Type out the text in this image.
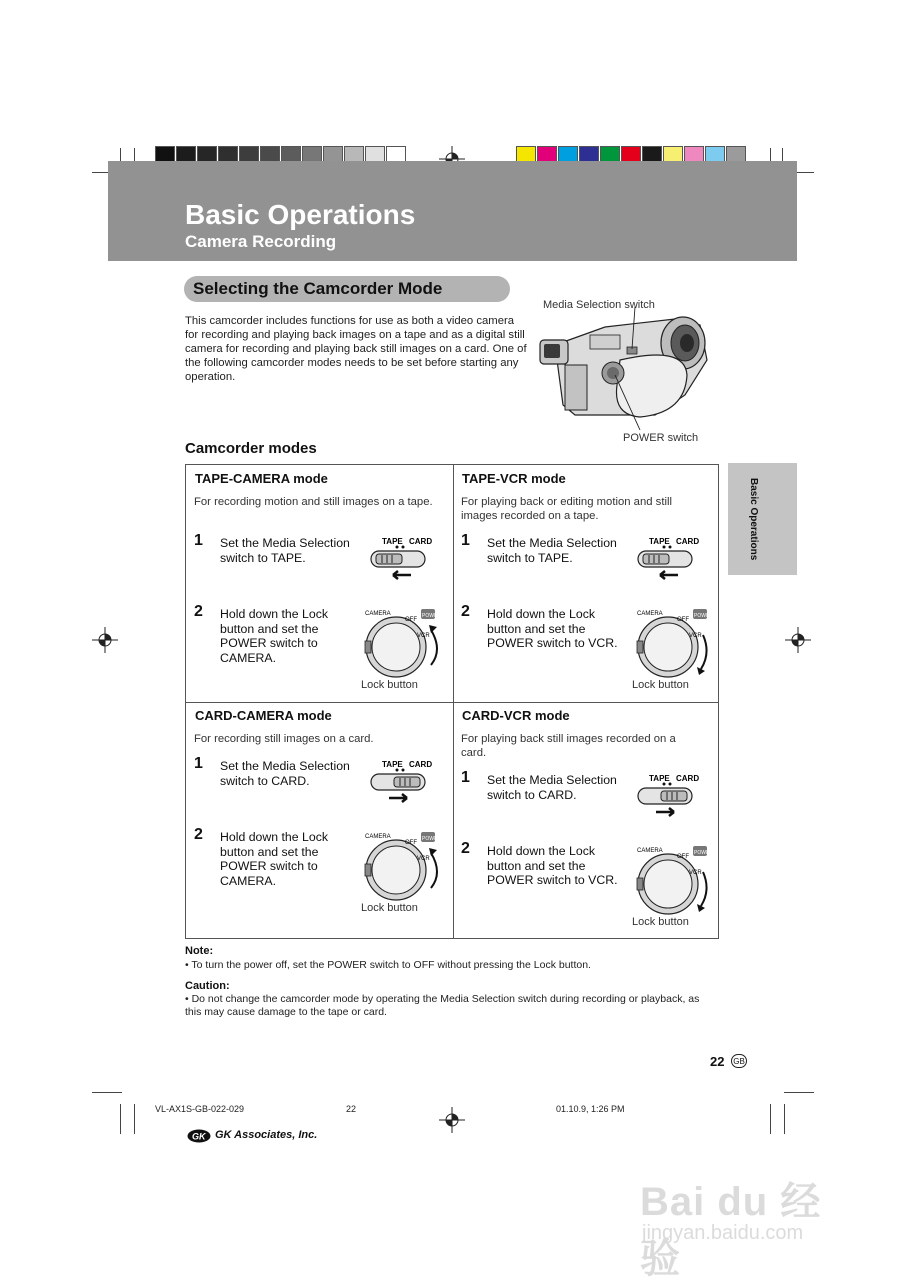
Basic Operations
Camera Recording
Selecting the Camcorder Mode
This camcorder includes functions for use as both a video camera for recording and playing back images on a tape and as a digital still camera for recording and playing back still images on a card. One of the following camcorder modes needs to be set before starting any operation.
Media Selection switch
POWER switch
Basic Operations
Camcorder modes
TAPE-CAMERA mode
For recording motion and still images on a tape.
1 Set the Media Selection switch to TAPE.
TAPE CARD
2 Hold down the Lock button and set the POWER switch to CAMERA.
CAMERA
OFF
VCR
POWER
Lock button
TAPE-VCR mode
For playing back or editing motion and still images recorded on a tape.
1 Set the Media Selection switch to TAPE.
TAPE CARD
2 Hold down the Lock button and set the POWER switch to VCR.
CAMERA
OFF
VCR
POWER
Lock button
CARD-CAMERA mode
For recording still images on a card.
1 Set the Media Selection switch to CARD.
TAPE CARD
2 Hold down the Lock button and set the POWER switch to CAMERA.
CAMERA
OFF
VCR
POWER
Lock button
CARD-VCR mode
For playing back still images recorded on a card.
1 Set the Media Selection switch to CARD.
TAPE CARD
2 Hold down the Lock button and set the POWER switch to VCR.
CAMERA
OFF
VCR
POWER
Lock button
Note:
• To turn the power off, set the POWER switch to OFF without pressing the Lock button.
Caution:
• Do not change the camcorder mode by operating the Media Selection switch during recording or playback, as this may cause damage to the tape or card.
22 GB
VL-AX1S-GB-022-029	22	01.10.9, 1:26 PM
GK GK Associates, Inc.
Bai du 经验
jingyan.baidu.com
